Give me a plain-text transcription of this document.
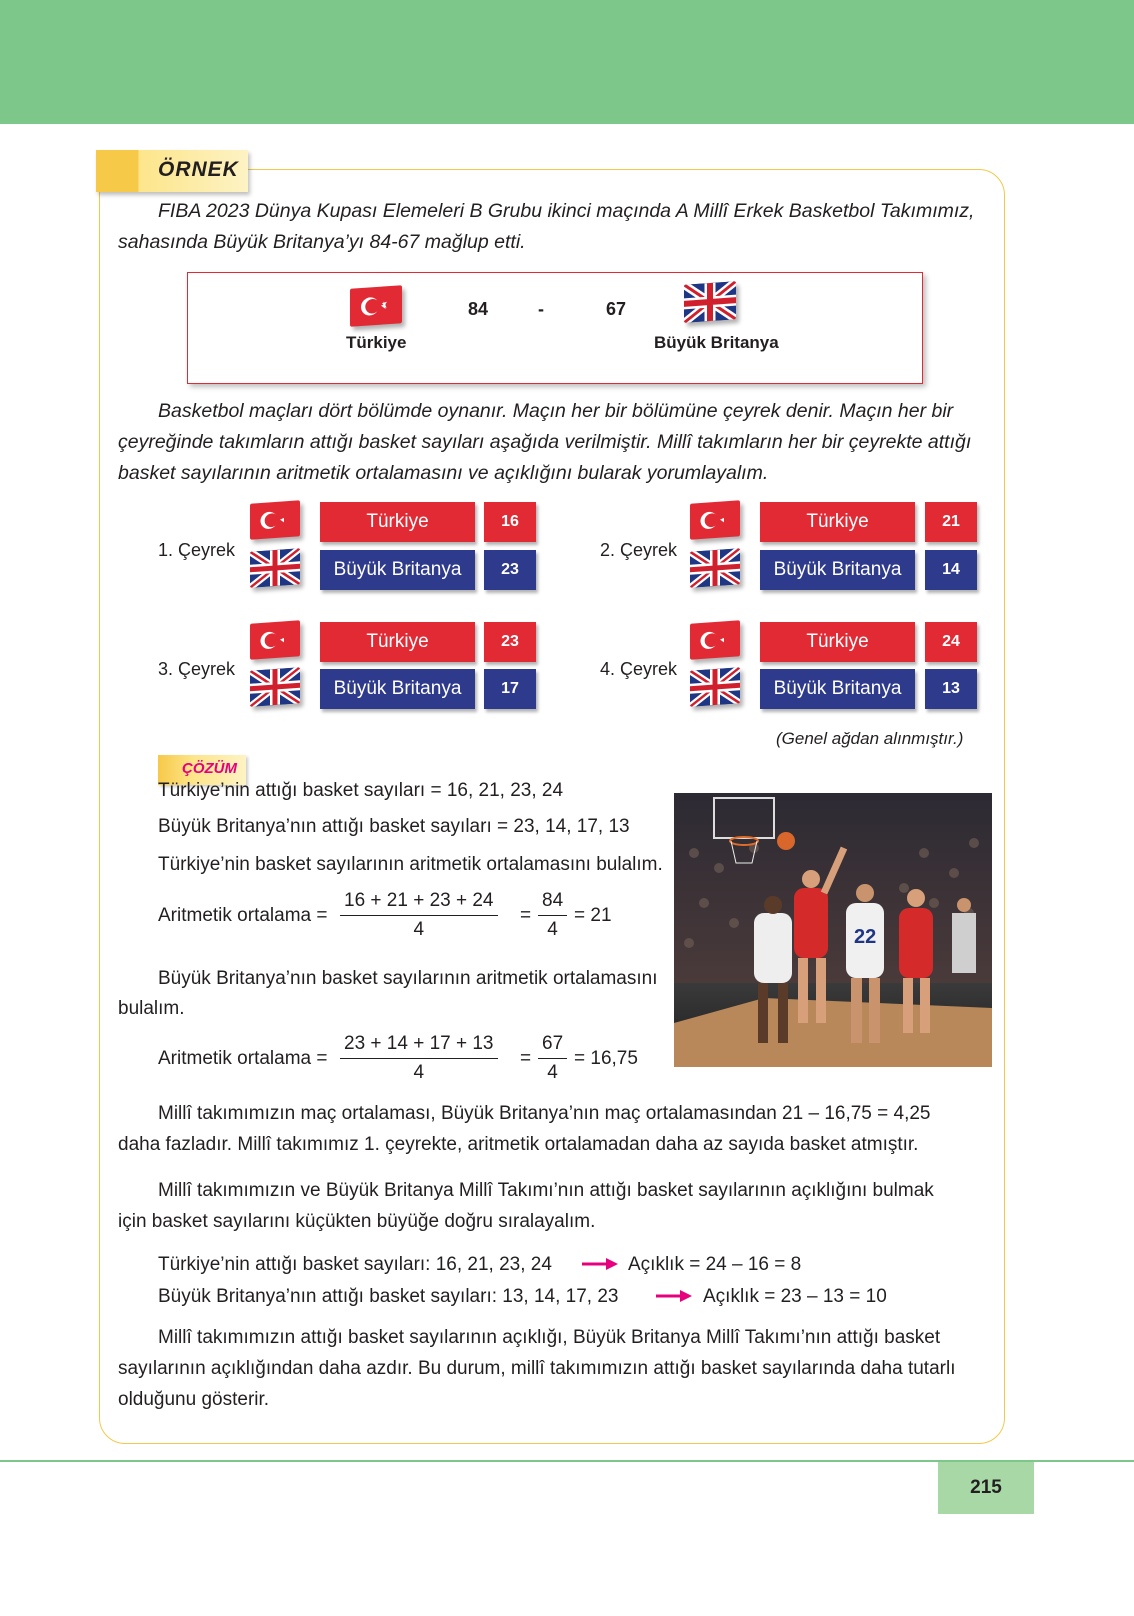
ÖRNEK
FIBA 2023 Dünya Kupası Elemeleri B Grubu ikinci maçında A Millî Erkek Basketbol Takımımız,
sahasında Büyük Britanya’yı 84-67 mağlup etti.
Türkiye
84	-	67
Büyük Britanya
Basketbol maçları dört bölümde oynanır. Maçın her bir bölümüne çeyrek denir. Maçın her bir
çeyreğinde takımların attığı basket sayıları aşağıda verilmiştir. Millî takımların her bir çeyrekte attığı
basket sayılarının aritmetik ortalamasını ve açıklığını bularak yorumlayalım.
1. Çeyrek
Türkiye	16
Büyük Britanya	23
2. Çeyrek
Türkiye	21
Büyük Britanya	14
3. Çeyrek
Türkiye	23
Büyük Britanya	17
4. Çeyrek
Türkiye	24
Büyük Britanya	13
(Genel ağdan alınmıştır.)
ÇÖZÜM
22
Türkiye’nin attığı basket sayıları = 16, 21, 23, 24
Büyük Britanya’nın attığı basket sayıları = 23, 14, 17, 13
Türkiye’nin basket sayılarının aritmetik ortalamasını bulalım.
Aritmetik ortalama = $\frac{16 + 21 + 23 + 24}{4} = \frac{84}{4} = 21$
Büyük Britanya’nın basket sayılarının aritmetik ortalamasını
bulalım.
Aritmetik ortalama = $\frac{23 + 14 + 17 + 13}{4} = \frac{67}{4} = 16,75$
Millî takımımızın maç ortalaması, Büyük Britanya’nın maç ortalamasından 21 – 16,75 = 4,25
daha fazladır. Millî takımımız 1. çeyrekte, aritmetik ortalamadan daha az sayıda basket atmıştır.
Millî takımımızın ve Büyük Britanya Millî Takımı’nın attığı basket sayılarının açıklığını bulmak
için basket sayılarını küçükten büyüğe doğru sıralayalım.
Türkiye’nin attığı basket sayıları: 16, 21, 23, 24	Açıklık = 24 – 16 = 8
Büyük Britanya’nın attığı basket sayıları: 13, 14, 17, 23	Açıklık = 23 – 13 = 10
Millî takımımızın attığı basket sayılarının açıklığı, Büyük Britanya Millî Takımı’nın attığı basket
sayılarının açıklığından daha azdır. Bu durum, millî takımımızın attığı basket sayılarında daha tutarlı
olduğunu gösterir.
215
